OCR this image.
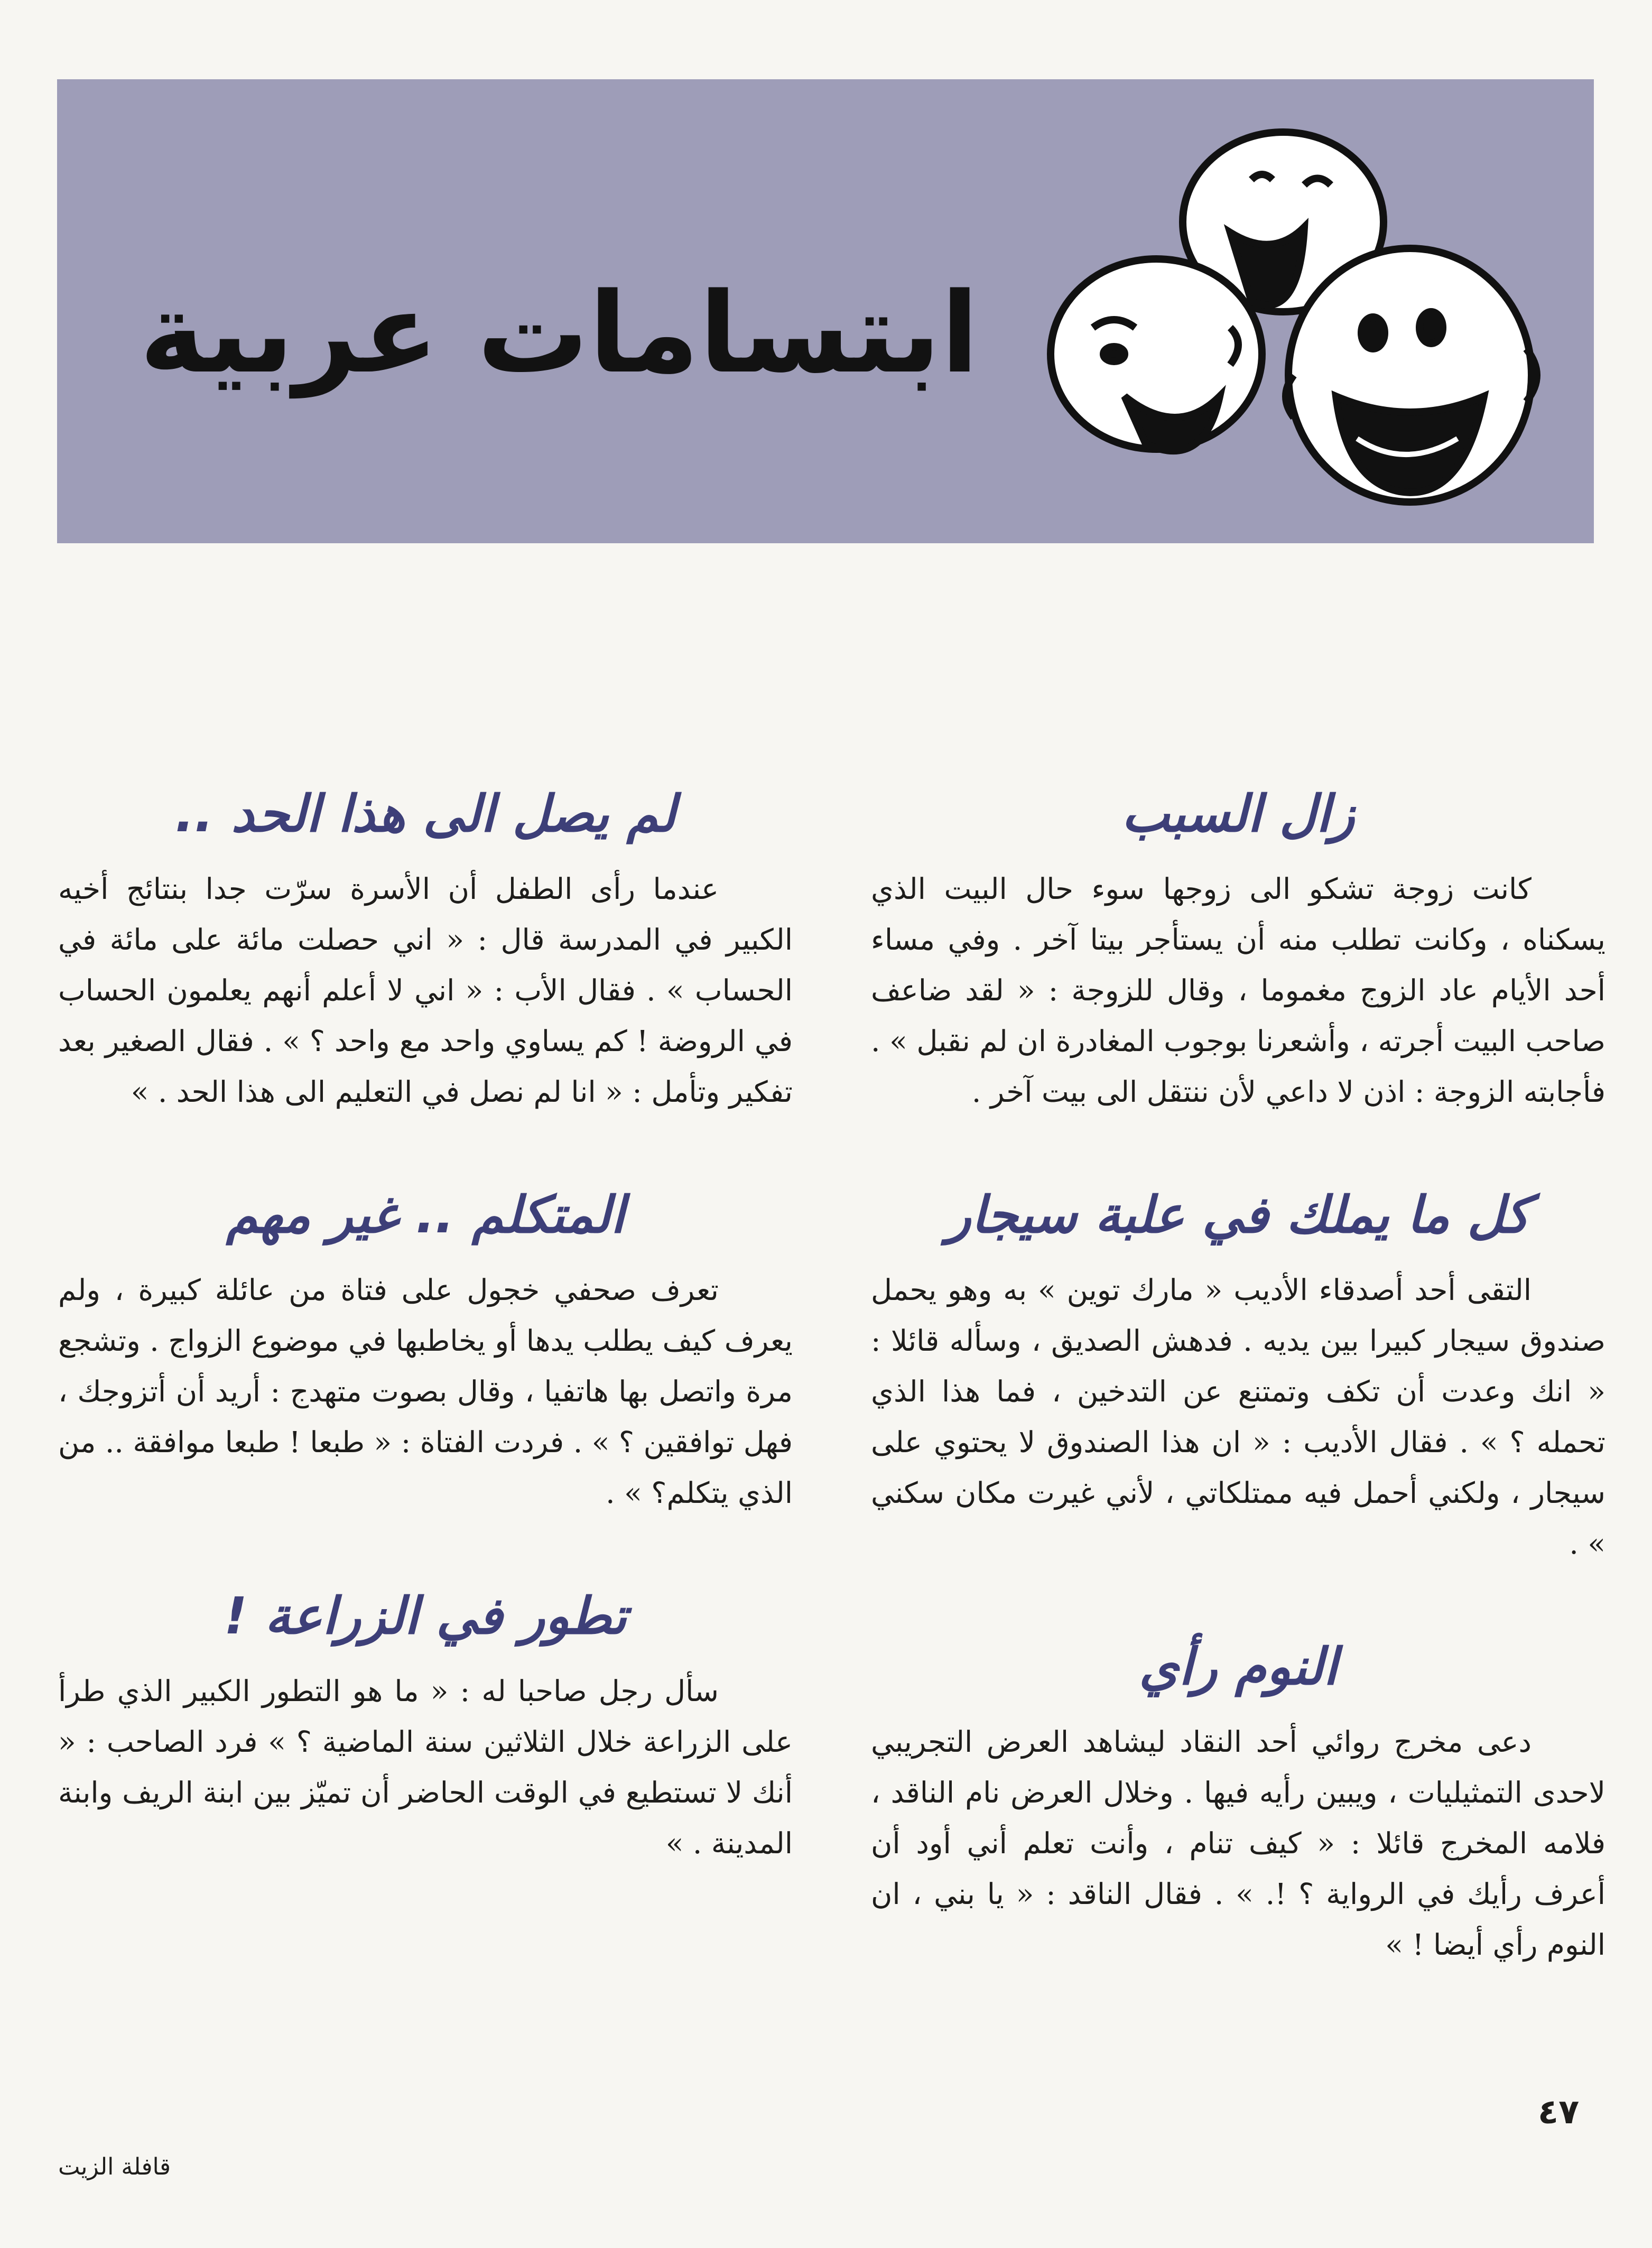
ابتسامات عربية
زال السبب

كانت زوجة تشكو الى زوجها سوء حال البيت الذي يسكناه ، وكانت تطلب منه أن يستأجر بيتا آخر . وفي مساء أحد الأيام عاد الزوج مغموما ، وقال للزوجة : « لقد ضاعف صاحب البيت أجرته ، وأشعرنا بوجوب المغادرة ان لم نقبل » . فأجابته الزوجة : اذن لا داعي لأن ننتقل الى بيت آخر .

كل ما يملك في علبة سيجار

التقى أحد أصدقاء الأديب « مارك توين » به وهو يحمل صندوق سيجار كبيرا بين يديه . فدهش الصديق ، وسأله قائلا : « انك وعدت أن تكف وتمتنع عن التدخين ، فما هذا الذي تحمله ؟ » . فقال الأديب : « ان هذا الصندوق لا يحتوي على سيجار ، ولكني أحمل فيه ممتلكاتي ، لأني غيرت مكان سكني » .

النوم رأي

دعى مخرج روائي أحد النقاد ليشاهد العرض التجريبي لاحدى التمثيليات ، ويبين رأيه فيها . وخلال العرض نام الناقد ، فلامه المخرج قائلا : « كيف تنام ، وأنت تعلم أني أود أن أعرف رأيك في الرواية ؟ !. » . فقال الناقد : « يا بني ، ان النوم رأي أيضا ! »

لم يصل الى هذا الحد ..

عندما رأى الطفل أن الأسرة سرّت جدا بنتائج أخيه الكبير في المدرسة قال : « اني حصلت مائة على مائة في الحساب » . فقال الأب : « اني لا أعلم أنهم يعلمون الحساب في الروضة ! كم يساوي واحد مع واحد ؟ » . فقال الصغير بعد تفكير وتأمل : « انا لم نصل في التعليم الى هذا الحد . »

المتكلم .. غير مهم

تعرف صحفي خجول على فتاة من عائلة كبيرة ، ولم يعرف كيف يطلب يدها أو يخاطبها في موضوع الزواج . وتشجع مرة واتصل بها هاتفيا ، وقال بصوت متهدج : أريد أن أتزوجك ، فهل توافقين ؟ » . فردت الفتاة : « طبعا ! طبعا موافقة .. من الذي يتكلم؟ » .

تطور في الزراعة !

سأل رجل صاحبا له : « ما هو التطور الكبير الذي طرأ على الزراعة خلال الثلاثين سنة الماضية ؟ » فرد الصاحب : « أنك لا تستطيع في الوقت الحاضر أن تميّز بين ابنة الريف وابنة المدينة . »

٤٧
قافلة الزيت
